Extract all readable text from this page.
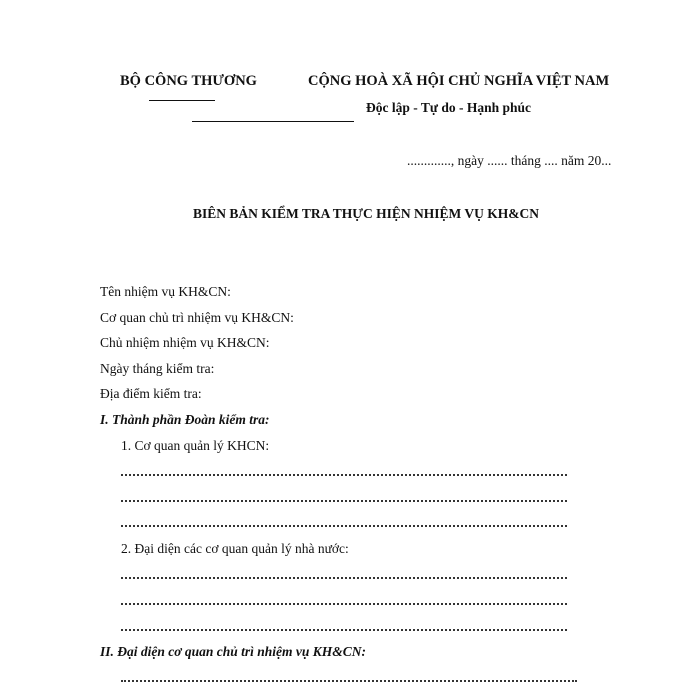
BỘ CÔNG THƯƠNG	CỘNG HOÀ XÃ HỘI CHỦ NGHĨA VIỆT NAM
Độc lập - Tự do - Hạnh phúc
............., ngày ...... tháng .... năm 20...
BIÊN BẢN KIỂM TRA THỰC HIỆN NHIỆM VỤ KH&CN
Tên nhiệm vụ KH&CN:
Cơ quan chủ trì nhiệm vụ KH&CN:
Chủ nhiệm nhiệm vụ KH&CN:
Ngày tháng kiểm tra:
Địa điểm kiểm tra:
I. Thành phần Đoàn kiểm tra:
1. Cơ quan quản lý KHCN:
2. Đại diện các cơ quan quản lý nhà nước:
II. Đại diện cơ quan chủ trì nhiệm vụ KH&CN:
